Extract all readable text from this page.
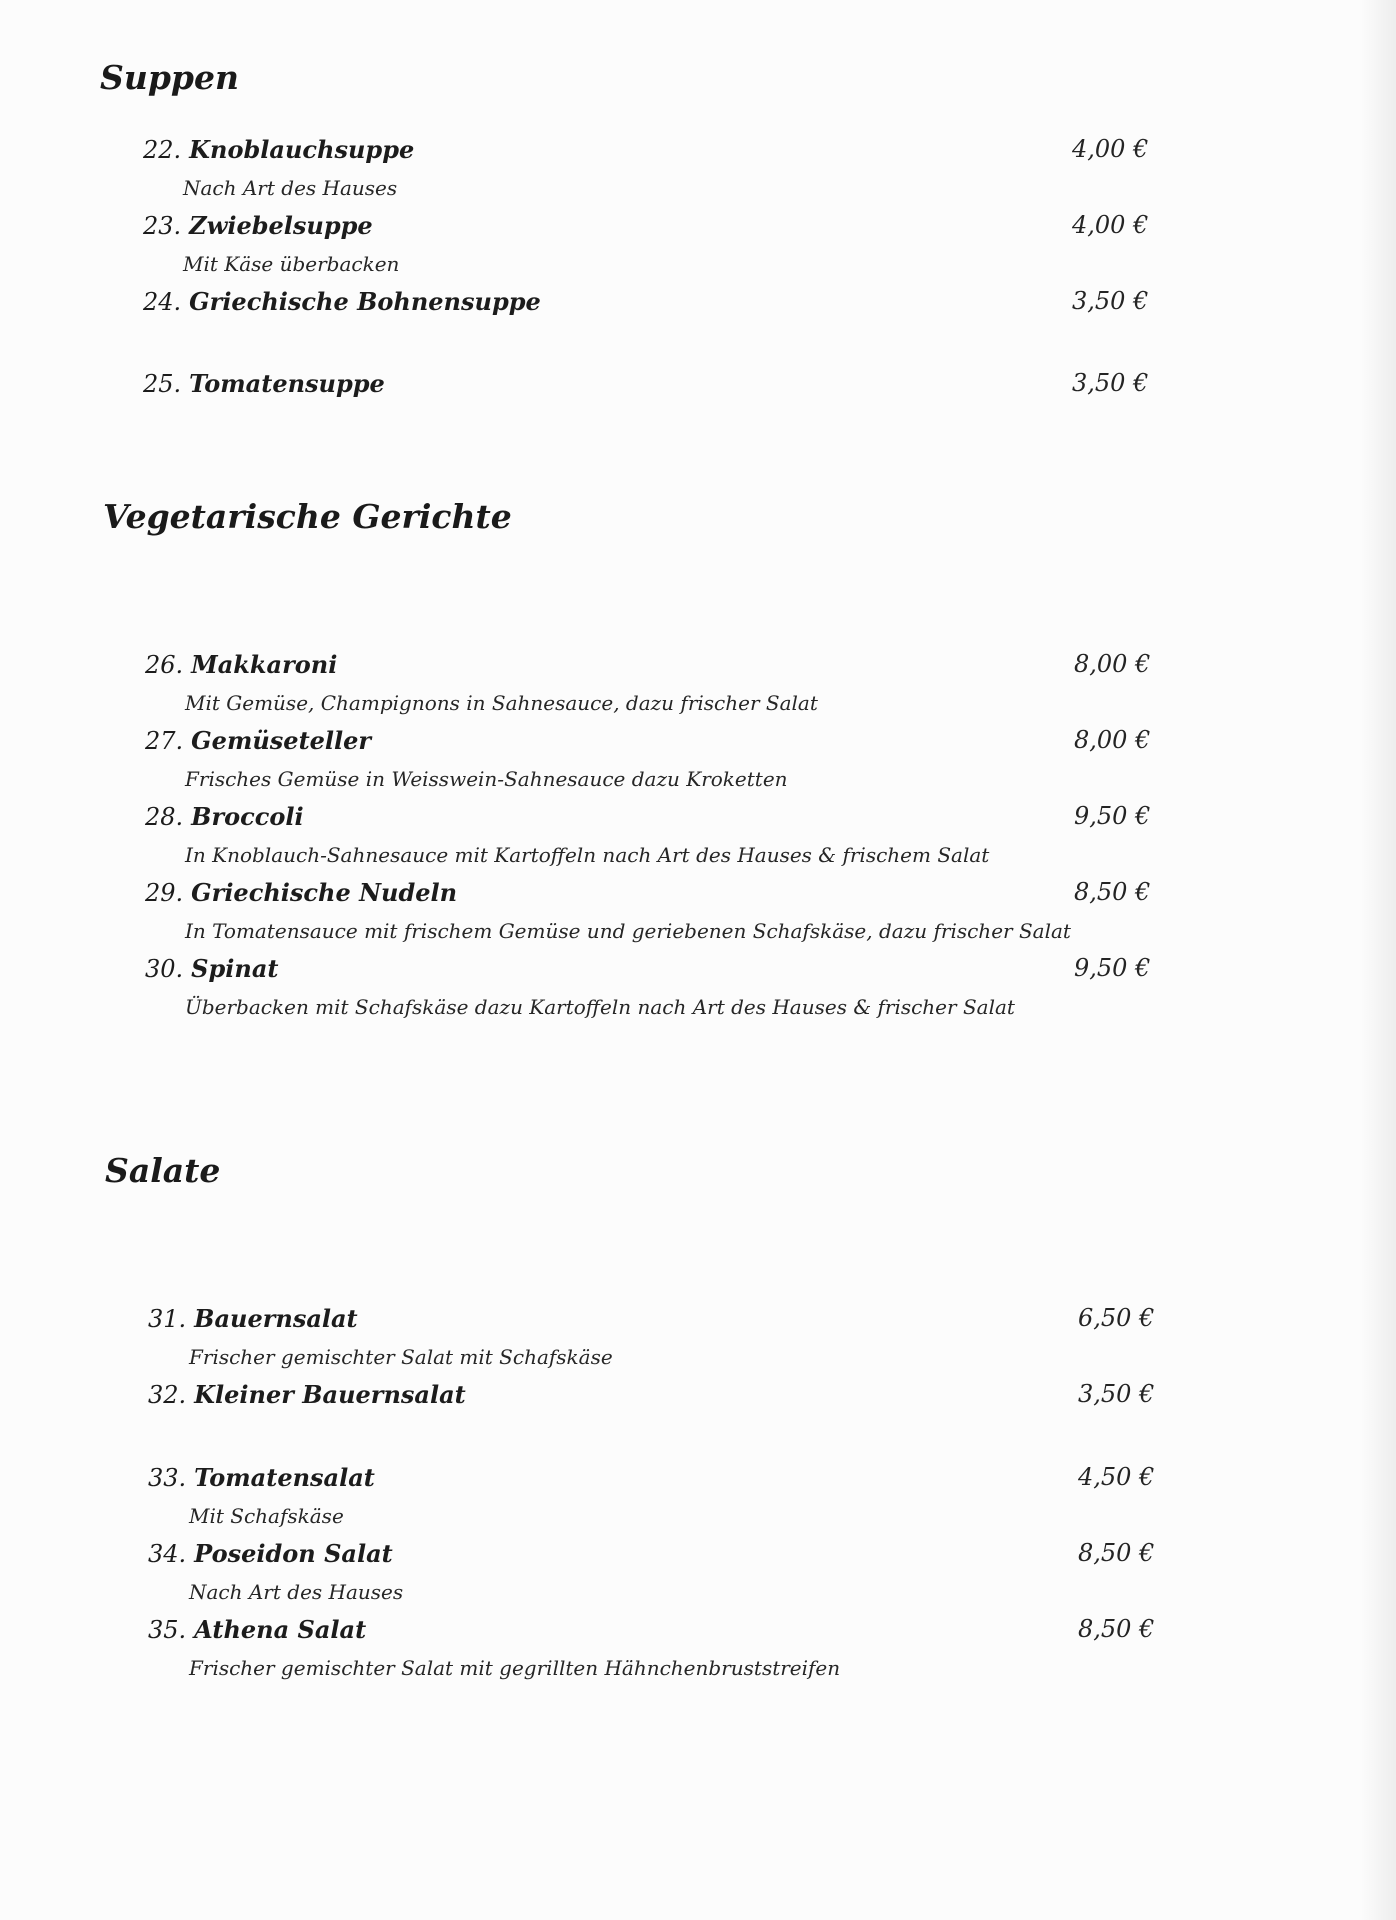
Suppen
22. Knoblauchsuppe	4,00 €
Nach Art des Hauses
23. Zwiebelsuppe	4,00 €
Mit Käse überbacken
24. Griechische Bohnensuppe	3,50 €
25. Tomatensuppe	3,50 €
Vegetarische Gerichte
26. Makkaroni	8,00 €
Mit Gemüse, Champignons in Sahnesauce, dazu frischer Salat
27. Gemüseteller	8,00 €
Frisches Gemüse in Weisswein-Sahnesauce dazu Kroketten
28. Broccoli	9,50 €
In Knoblauch-Sahnesauce mit Kartoffeln nach Art des Hauses & frischem Salat
29. Griechische Nudeln	8,50 €
In Tomatensauce mit frischem Gemüse und geriebenen Schafskäse, dazu frischer Salat
30. Spinat	9,50 €
Überbacken mit Schafskäse dazu Kartoffeln nach Art des Hauses & frischer Salat
Salate
31. Bauernsalat	6,50 €
Frischer gemischter Salat mit Schafskäse
32. Kleiner Bauernsalat	3,50 €
33. Tomatensalat	4,50 €
Mit Schafskäse
34. Poseidon Salat	8,50 €
Nach Art des Hauses
35. Athena Salat	8,50 €
Frischer gemischter Salat mit gegrillten Hähnchenbruststreifen
